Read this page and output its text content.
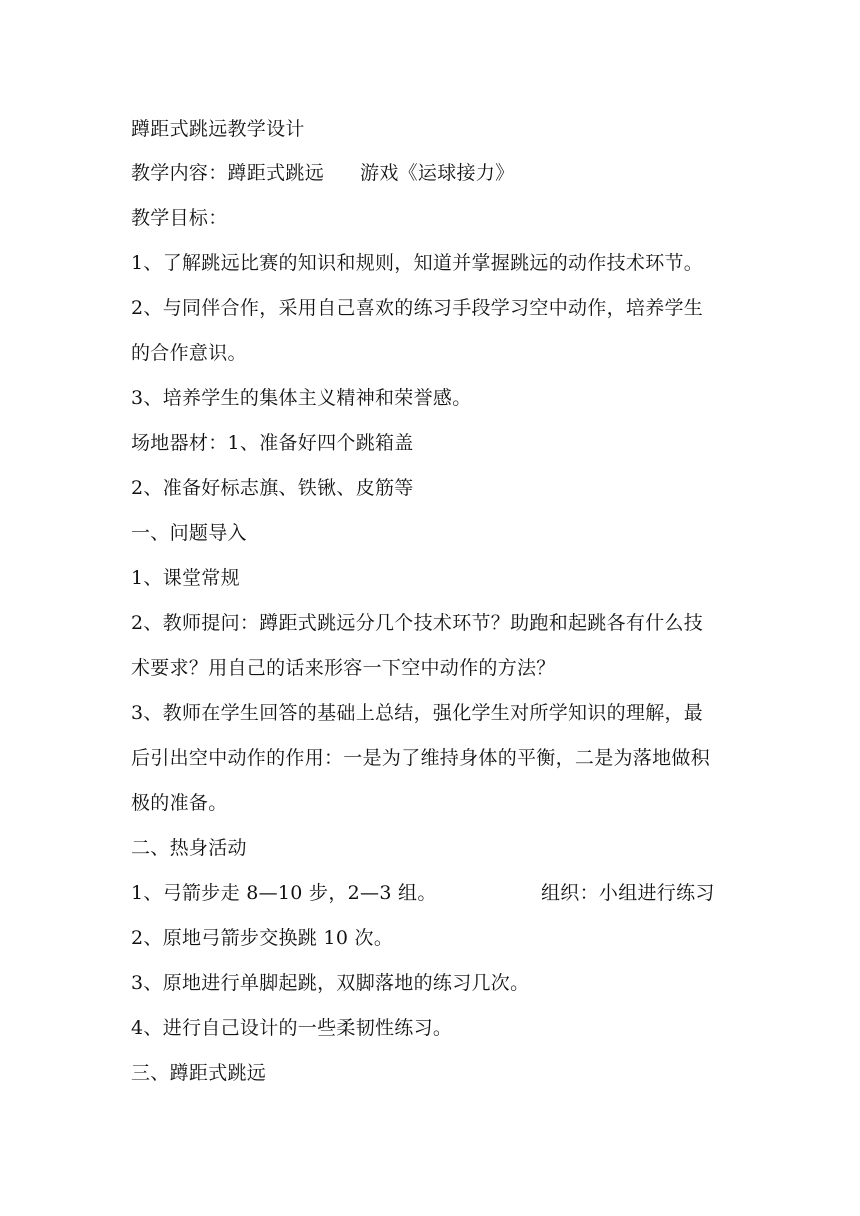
蹲距式跳远教学设计
教学内容：蹲距式跳远 游戏《运球接力》
教学目标：
1、了解跳远比赛的知识和规则，知道并掌握跳远的动作技术环节。
2、与同伴合作，采用自己喜欢的练习手段学习空中动作，培养学生
的合作意识。
3、培养学生的集体主义精神和荣誉感。
场地器材：1、准备好四个跳箱盖
2、准备好标志旗、铁锹、皮筋等
一、问题导入
1、课堂常规
2、教师提问：蹲距式跳远分几个技术环节？助跑和起跳各有什么技
术要求？用自己的话来形容一下空中动作的方法？
3、教师在学生回答的基础上总结，强化学生对所学知识的理解，最
后引出空中动作的作用：一是为了维持身体的平衡，二是为落地做积
极的准备。
二、热身活动
1、弓箭步走 8—10 步，2—3 组。	组织：小组进行练习
2、原地弓箭步交换跳 10 次。
3、原地进行单脚起跳，双脚落地的练习几次。
4、进行自己设计的一些柔韧性练习。
三、蹲距式跳远
